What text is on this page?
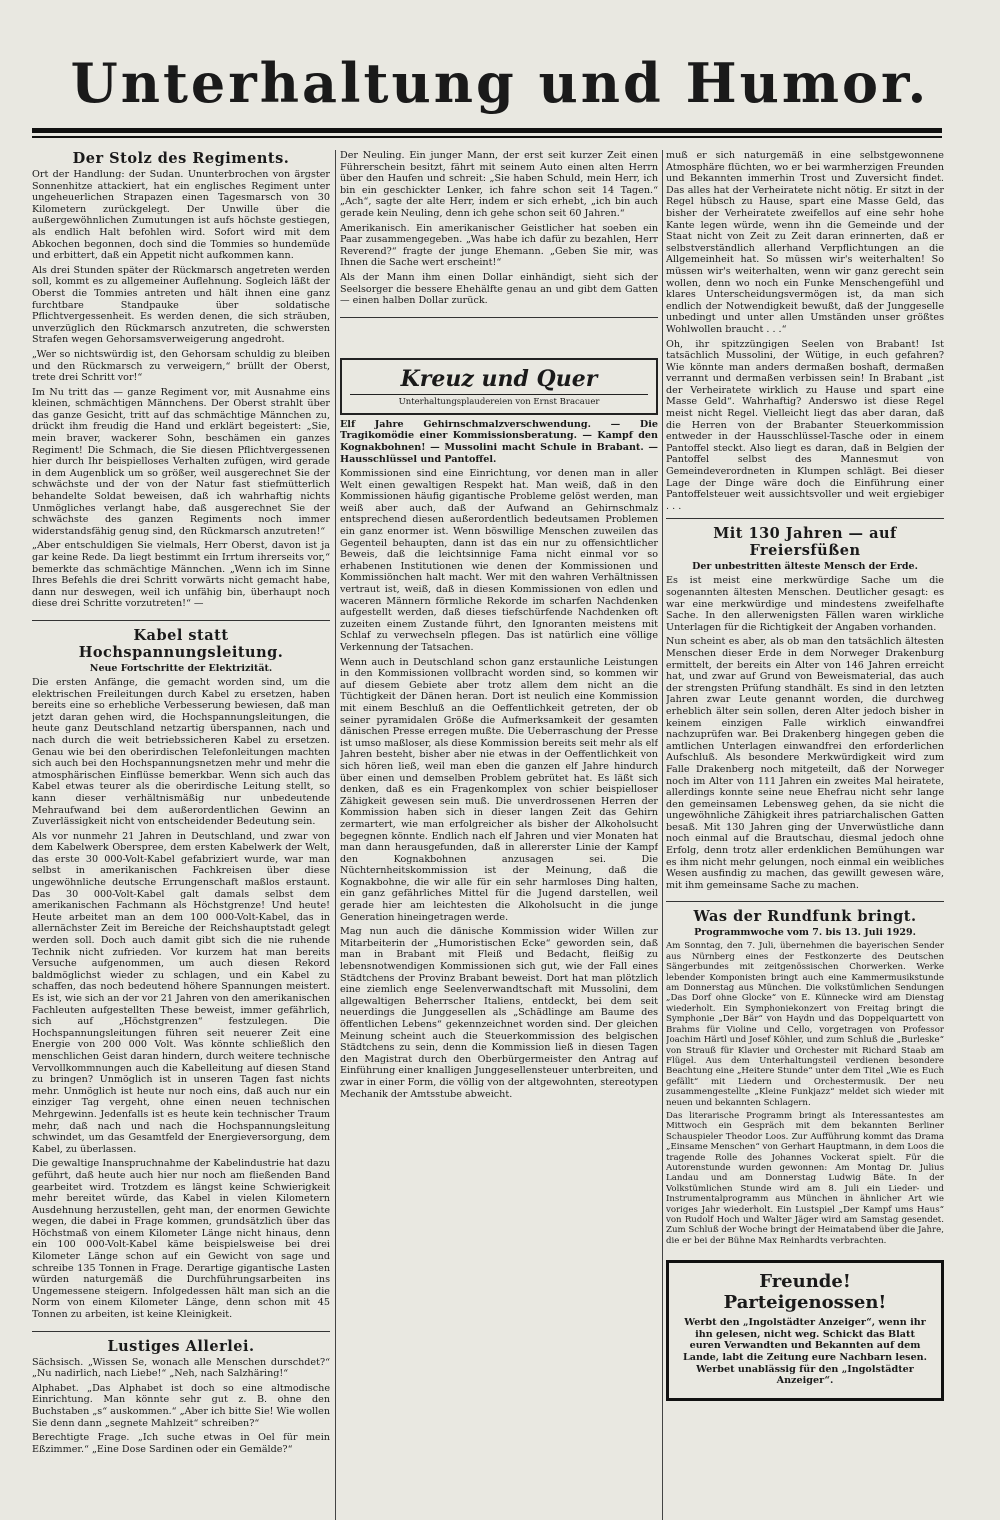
Unterhaltung und Humor.
Der Stolz des Regiments.

Ort der Handlung: der Sudan. Ununterbrochen von ärgster Sonnenhitze attackiert, hat ein englisches Regiment unter ungeheuerlichen Strapazen einen Tagesmarsch von 30 Kilometern zurückgelegt. Der Unwille über die außergewöhnlichen Zumutungen ist aufs höchste gestiegen, als endlich Halt befohlen wird. Sofort wird mit dem Abkochen begonnen, doch sind die Tommies so hundemüde und erbittert, daß ein Appetit nicht aufkommen kann.

Als drei Stunden später der Rückmarsch angetreten werden soll, kommt es zu allgemeiner Auflehnung. Sogleich läßt der Oberst die Tommies antreten und hält ihnen eine ganz furchtbare Standpauke über soldatische Pflichtvergessenheit. Es werden denen, die sich sträuben, unverzüglich den Rückmarsch anzutreten, die schwersten Strafen wegen Gehorsamsverweigerung angedroht.

„Wer so nichtswürdig ist, den Gehorsam schuldig zu bleiben und den Rückmarsch zu verweigern,“ brüllt der Oberst, trete drei Schritt vor!“

Im Nu tritt das — ganze Regiment vor, mit Ausnahme eins kleinen, schmächtigen Männchens. Der Oberst strahlt über das ganze Gesicht, tritt auf das schmächtige Männchen zu, drückt ihm freudig die Hand und erklärt begeistert: „Sie, mein braver, wackerer Sohn, beschämen ein ganzes Regiment! Die Schmach, die Sie diesen Pflichtvergessenen hier durch Ihr beispielloses Verhalten zufügen, wird gerade in dem Augenblick um so größer, weil ausgerechnet Sie der schwächste und der von der Natur fast stiefmütterlich behandelte Soldat beweisen, daß ich wahrhaftig nichts Unmögliches verlangt habe, daß ausgerechnet Sie der schwächste des ganzen Regiments noch immer widerstandsfähig genug sind, den Rückmarsch anzutreten!“

„Aber entschuldigen Sie vielmals, Herr Oberst, davon ist ja gar keine Rede. Da liegt bestimmt ein Irrtum ihrerseits vor,“ bemerkte das schmächtige Männchen. „Wenn ich im Sinne Ihres Befehls die drei Schritt vorwärts nicht gemacht habe, dann nur deswegen, weil ich unfähig bin, überhaupt noch diese drei Schritte vorzutreten!“ —

Kabel statt Hochspannungsleitung.
Neue Fortschritte der Elektrizität.

Die ersten Anfänge, die gemacht worden sind, um die elektrischen Freileitungen durch Kabel zu ersetzen, haben bereits eine so erhebliche Verbesserung bewiesen, daß man jetzt daran gehen wird, die Hochspannungsleitungen, die heute ganz Deutschland netzartig überspannen, nach und nach durch die weit betriebssicheren Kabel zu ersetzen. Genau wie bei den oberirdischen Telefonleitungen machten sich auch bei den Hochspannungsnetzen mehr und mehr die atmosphärischen Einflüsse bemerkbar. Wenn sich auch das Kabel etwas teurer als die oberirdische Leitung stellt, so kann dieser verhältnismäßig nur unbedeutende Mehraufwand bei dem außerordentlichen Gewinn an Zuverlässigkeit nicht von entscheidender Bedeutung sein.

Als vor nunmehr 21 Jahren in Deutschland, und zwar von dem Kabelwerk Oberspree, dem ersten Kabelwerk der Welt, das erste 30 000-Volt-Kabel gefabriziert wurde, war man selbst in amerikanischen Fachkreisen über diese ungewöhnliche deutsche Errungenschaft maßlos erstaunt. Das 30 000-Volt-Kabel galt damals selbst dem amerikanischen Fachmann als Höchstgrenze! Und heute! Heute arbeitet man an dem 100 000-Volt-Kabel, das in allernächster Zeit im Bereiche der Reichshauptstadt gelegt werden soll. Doch auch damit gibt sich die nie ruhende Technik nicht zufrieden. Vor kurzem hat man bereits Versuche aufgenommen, um auch diesen Rekord baldmöglichst wieder zu schlagen, und ein Kabel zu schaffen, das noch bedeutend höhere Spannungen meistert. Es ist, wie sich an der vor 21 Jahren von den amerikanischen Fachleuten aufgestellten These beweist, immer gefährlich, sich auf „Höchstgrenzen“ festzulegen. Die Hochspannungsleitungen führen seit neuerer Zeit eine Energie von 200 000 Volt. Was könnte schließlich den menschlichen Geist daran hindern, durch weitere technische Vervollkommnungen auch die Kabelleitung auf diesen Stand zu bringen? Unmöglich ist in unseren Tagen fast nichts mehr. Unmöglich ist heute nur noch eins, daß auch nur ein einziger Tag vergeht, ohne einen neuen technischen Mehrgewinn. Jedenfalls ist es heute kein technischer Traum mehr, daß nach und nach die Hochspannungsleitung schwindet, um das Gesamtfeld der Energieversorgung, dem Kabel, zu überlassen.

Die gewaltige Inanspruchnahme der Kabelindustrie hat dazu geführt, daß heute auch hier nur noch am fließenden Band gearbeitet wird. Trotzdem es längst keine Schwierigkeit mehr bereitet würde, das Kabel in vielen Kilometern Ausdehnung herzustellen, geht man, der enormen Gewichte wegen, die dabei in Frage kommen, grundsätzlich über das Höchstmaß von einem Kilometer Länge nicht hinaus, denn ein 100 000-Volt-Kabel käme beispielsweise bei drei Kilometer Länge schon auf ein Gewicht von sage und schreibe 135 Tonnen in Frage. Derartige gigantische Lasten würden naturgemäß die Durchführungsarbeiten ins Ungemessene steigern. Infolgedessen hält man sich an die Norm von einem Kilometer Länge, denn schon mit 45 Tonnen zu arbeiten, ist keine Kleinigkeit.

Lustiges Allerlei.

Sächsisch. „Wissen Se, wonach alle Menschen durschdet?“ „Nu nadirlich, nach Liebe!“ „Neh, nach Salzhäring!“

Alphabet. „Das Alphabet ist doch so eine altmodische Einrichtung. Man könnte sehr gut z. B. ohne den Buchstaben „s“ auskommen.“ „Aber ich bitte Sie! Wie wollen Sie denn dann „segnete Mahlzeit“ schreiben?“

Berechtigte Frage. „Ich suche etwas in Oel für mein Eßzimmer.“ „Eine Dose Sardinen oder ein Gemälde?“

Der Neuling. Ein junger Mann, der erst seit kurzer Zeit einen Führerschein besitzt, fährt mit seinem Auto einen alten Herrn über den Haufen und schreit: „Sie haben Schuld, mein Herr, ich bin ein geschickter Lenker, ich fahre schon seit 14 Tagen.“ „Ach“, sagte der alte Herr, indem er sich erhebt, „ich bin auch gerade kein Neuling, denn ich gehe schon seit 60 Jahren.“

Amerikanisch. Ein amerikanischer Geistlicher hat soeben ein Paar zusammengegeben. „Was habe ich dafür zu bezahlen, Herr Reverend?“ fragte der junge Ehemann. „Geben Sie mir, was Ihnen die Sache wert erscheint!“

Als der Mann ihm einen Dollar einhändigt, sieht sich der Seelsorger die bessere Ehehälfte genau an und gibt dem Gatten — einen halben Dollar zurück.

Kreuz und Quer
Unterhaltungsplaudereien von Ernst Bracauer

Elf Jahre Gehirnschmalzverschwendung. — Die Tragikomödie einer Kommissionsberatung. — Kampf den Kognakbohnen! — Mussolini macht Schule in Brabant. — Hausschlüssel und Pantoffel.

Kommissionen sind eine Einrichtung, vor denen man in aller Welt einen gewaltigen Respekt hat. Man weiß, daß in den Kommissionen häufig gigantische Probleme gelöst werden, man weiß aber auch, daß der Aufwand an Gehirnschmalz entsprechend diesen außerordentlich bedeutsamen Problemen ein ganz enormer ist. Wenn böswillige Menschen zuweilen das Gegenteil behaupten, dann ist das ein nur zu offensichtlicher Beweis, daß die leichtsinnige Fama nicht einmal vor so erhabenen Institutionen wie denen der Kommissionen und Kommissiönchen halt macht. Wer mit den wahren Verhältnissen vertraut ist, weiß, daß in diesen Kommissionen von edlen und waceren Männern förmliche Rekorde im scharfen Nachdenken aufgestellt werden, daß dieses tiefschürfende Nachdenken oft zuzeiten einem Zustande führt, den Ignoranten meistens mit Schlaf zu verwechseln pflegen. Das ist natürlich eine völlige Verkennung der Tatsachen.

Wenn auch in Deutschland schon ganz erstaunliche Leistungen in den Kommissionen vollbracht worden sind, so kommen wir auf diesem Gebiete aber trotz allem dem nicht an die Tüchtigkeit der Dänen heran. Dort ist neulich eine Kommission mit einem Beschluß an die Oeffentlichkeit getreten, der ob seiner pyramidalen Größe die Aufmerksamkeit der gesamten dänischen Presse erregen mußte. Die Ueberraschung der Presse ist umso maßloser, als diese Kommission bereits seit mehr als elf Jahren besteht, bisher aber nie etwas in der Oeffentlichkeit von sich hören ließ, weil man eben die ganzen elf Jahre hindurch über einen und demselben Problem gebrütet hat. Es läßt sich denken, daß es ein Fragenkomplex von schier beispielloser Zähigkeit gewesen sein muß. Die unverdrossenen Herren der Kommission haben sich in dieser langen Zeit das Gehirn zermartert, wie man erfolgreicher als bisher der Alkoholsucht begegnen könnte. Endlich nach elf Jahren und vier Monaten hat man dann herausgefunden, daß in allererster Linie der Kampf den Kognakbohnen anzusagen sei. Die Nüchternheitskommission ist der Meinung, daß die Kognakbohne, die wir alle für ein sehr harmloses Ding halten, ein ganz gefährliches Mittel für die Jugend darstellen, weil gerade hier am leichtesten die Alkoholsucht in die junge Generation hineingetragen werde.

Mag nun auch die dänische Kommission wider Willen zur Mitarbeiterin der „Humoristischen Ecke“ geworden sein, daß man in Brabant mit Fleiß und Bedacht, fleißig zu lebensnotwendigen Kommissionen sich gut, wie der Fall eines Städtchens der Provinz Brabant beweist. Dort hat man plötzlich eine ziemlich enge Seelenverwandtschaft mit Mussolini, dem allgewaltigen Beherrscher Italiens, entdeckt, bei dem seit neuerdings die Junggesellen als „Schädlinge am Baume des öffentlichen Lebens“ gekennzeichnet worden sind. Der gleichen Meinung scheint auch die Steuerkommission des belgischen Städtchens zu sein, denn die Kommission ließ in diesen Tagen den Magistrat durch den Oberbürgermeister den Antrag auf Einführung einer knalligen Junggesellensteuer unterbreiten, und zwar in einer Form, die völlig von der altgewohnten, stereotypen Mechanik der Amtsstube abweicht.

muß er sich naturgemäß in eine selbstgewonnene Atmosphäre flüchten, wo er bei warmherzigen Freunden und Bekannten immerhin Trost und Zuversicht findet. Das alles hat der Verheiratete nicht nötig. Er sitzt in der Regel hübsch zu Hause, spart eine Masse Geld, das bisher der Verheiratete zweifellos auf eine sehr hohe Kante legen würde, wenn ihn die Gemeinde und der Staat nicht von Zeit zu Zeit daran erinnerten, daß er selbstverständlich allerhand Verpflichtungen an die Allgemeinheit hat. So müssen wir's weiterhalten! So müssen wir's weiterhalten, wenn wir ganz gerecht sein wollen, denn wo noch ein Funke Menschengefühl und klares Unterscheidungsvermögen ist, da man sich endlich der Notwendigkeit bewußt, daß der Junggeselle unbedingt und unter allen Umständen unser größtes Wohlwollen braucht . . .“

Oh, ihr spitzzüngigen Seelen von Brabant! Ist tatsächlich Mussolini, der Wütige, in euch gefahren? Wie könnte man anders dermaßen boshaft, dermaßen verrannt und dermaßen verbissen sein! In Brabant „ist der Verheiratete wirklich zu Hause und spart eine Masse Geld“. Wahrhaftig? Anderswo ist diese Regel meist nicht Regel. Vielleicht liegt das aber daran, daß die Herren von der Brabanter Steuerkommission entweder in der Hausschlüssel-Tasche oder in einem Pantoffel steckt. Also liegt es daran, daß in Belgien der Pantoffel selbst des Mannesmut von Gemeindeverordneten in Klumpen schlägt. Bei dieser Lage der Dinge wäre doch die Einführung einer Pantoffelsteuer weit aussichtsvoller und weit ergiebiger . . .

Mit 130 Jahren — auf Freiersfüßen
Der unbestritten älteste Mensch der Erde.

Es ist meist eine merkwürdige Sache um die sogenannten ältesten Menschen. Deutlicher gesagt: es war eine merkwürdige und mindestens zweifelhafte Sache. In den allerwenigsten Fällen waren wirkliche Unterlagen für die Richtigkeit der Angaben vorhanden.

Nun scheint es aber, als ob man den tatsächlich ältesten Menschen dieser Erde in dem Norweger Drakenburg ermittelt, der bereits ein Alter von 146 Jahren erreicht hat, und zwar auf Grund von Beweismaterial, das auch der strengsten Prüfung standhält. Es sind in den letzten Jahren zwar Leute genannt worden, die durchweg erheblich älter sein sollen, deren Alter jedoch bisher in keinem einzigen Falle wirklich einwandfrei nachzuprüfen war. Bei Drakenberg hingegen geben die amtlichen Unterlagen einwandfrei den erforderlichen Aufschluß. Als besondere Merkwürdigkeit wird zum Falle Drakenberg noch mitgeteilt, daß der Norweger noch im Alter von 111 Jahren ein zweites Mal heiratete, allerdings konnte seine neue Ehefrau nicht sehr lange den gemeinsamen Lebensweg gehen, da sie nicht die ungewöhnliche Zähigkeit ihres patriarchalischen Gatten besaß. Mit 130 Jahren ging der Unverwüstliche dann noch einmal auf die Brautschau, diesmal jedoch ohne Erfolg, denn trotz aller erdenklichen Bemühungen war es ihm nicht mehr gelungen, noch einmal ein weibliches Wesen ausfindig zu machen, das gewillt gewesen wäre, mit ihm gemeinsame Sache zu machen.

Was der Rundfunk bringt.
Programmwoche vom 7. bis 13. Juli 1929.

Am Sonntag, den 7. Juli, übernehmen die bayerischen Sender aus Nürnberg eines der Festkonzerte des Deutschen Sängerbundes mit zeitgenössischen Chorwerken. Werke lebender Komponisten bringt auch eine Kammermusikstunde am Donnerstag aus München. Die volkstümlichen Sendungen „Das Dorf ohne Glocke“ von E. Künnecke wird am Dienstag wiederholt. Ein Symphoniekonzert von Freitag bringt die Symphonie „Der Bär“ von Haydn und das Doppelquartett von Brahms für Violine und Cello, vorgetragen von Professor Joachim Härtl und Josef Köhler, und zum Schluß die „Burleske“ von Strauß für Klavier und Orchester mit Richard Staab am Flügel. Aus dem Unterhaltungsteil verdienen besondere Beachtung eine „Heitere Stunde“ unter dem Titel „Wie es Euch gefällt“ mit Liedern und Orchestermusik. Der neu zusammengestellte „Kleine Funkjazz“ meldet sich wieder mit neuen und bekannten Schlagern.

Das literarische Programm bringt als Interessantestes am Mittwoch ein Gespräch mit dem bekannten Berliner Schauspieler Theodor Loos. Zur Aufführung kommt das Drama „Einsame Menschen“ von Gerhart Hauptmann, in dem Loos die tragende Rolle des Johannes Vockerat spielt. Für die Autorenstunde wurden gewonnen: Am Montag Dr. Julius Landau und am Donnerstag Ludwig Bäte. In der Volkstümlichen Stunde wird am 8. Juli ein Lieder- und Instrumentalprogramm aus München in ähnlicher Art wie voriges Jahr wiederholt. Ein Lustspiel „Der Kampf ums Haus“ von Rudolf Hoch und Walter Jäger wird am Samstag gesendet. Zum Schluß der Woche bringt der Heimatabend über die Jahre, die er bei der Bühne Max Reinhardts verbrachten.

Freunde! Parteigenossen!

Werbt den „Ingolstädter Anzeiger“, wenn ihr ihn gelesen, nicht weg. Schickt das Blatt euren Verwandten und Bekannten auf dem Lande, labt die Zeitung eure Nachbarn lesen. Werbet unablässig für den „Ingolstädter Anzeiger“.
